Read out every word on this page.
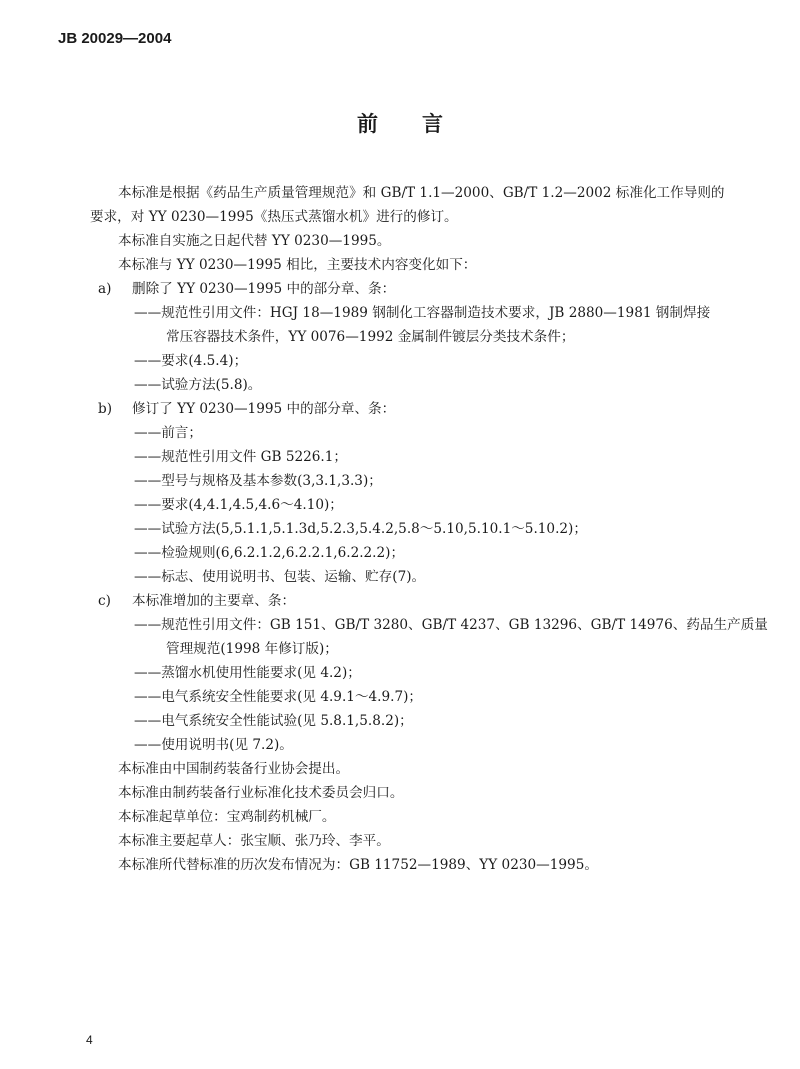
JB 20029—2004
前 言

本标准是根据《药品生产质量管理规范》和 GB/T 1.1—2000、GB/T 1.2—2002 标准化工作导则的

要求，对 YY 0230—1995《热压式蒸馏水机》进行的修订。

本标准自实施之日起代替 YY 0230—1995。

本标准与 YY 0230—1995 相比，主要技术内容变化如下：

a) 删除了 YY 0230—1995 中的部分章、条：

——规范性引用文件：HGJ 18—1989 钢制化工容器制造技术要求，JB 2880—1981 钢制焊接

常压容器技术条件，YY 0076—1992 金属制件镀层分类技术条件；

——要求(4.5.4)；

——试验方法(5.8)。

b) 修订了 YY 0230—1995 中的部分章、条：

——前言；

——规范性引用文件 GB 5226.1；

——型号与规格及基本参数(3,3.1,3.3)；

——要求(4,4.1,4.5,4.6～4.10)；

——试验方法(5,5.1.1,5.1.3d,5.2.3,5.4.2,5.8～5.10,5.10.1～5.10.2)；

——检验规则(6,6.2.1.2,6.2.2.1,6.2.2.2)；

——标志、使用说明书、包装、运输、贮存(7)。

c) 本标准增加的主要章、条：

——规范性引用文件：GB 151、GB/T 3280、GB/T 4237、GB 13296、GB/T 14976、药品生产质量

管理规范(1998 年修订版)；

——蒸馏水机使用性能要求(见 4.2)；

——电气系统安全性能要求(见 4.9.1～4.9.7)；

——电气系统安全性能试验(见 5.8.1,5.8.2)；

——使用说明书(见 7.2)。

本标准由中国制药装备行业协会提出。

本标准由制药装备行业标准化技术委员会归口。

本标准起草单位：宝鸡制药机械厂。

本标准主要起草人：张宝顺、张乃玲、李平。

本标准所代替标准的历次发布情况为：GB 11752—1989、YY 0230—1995。

4
